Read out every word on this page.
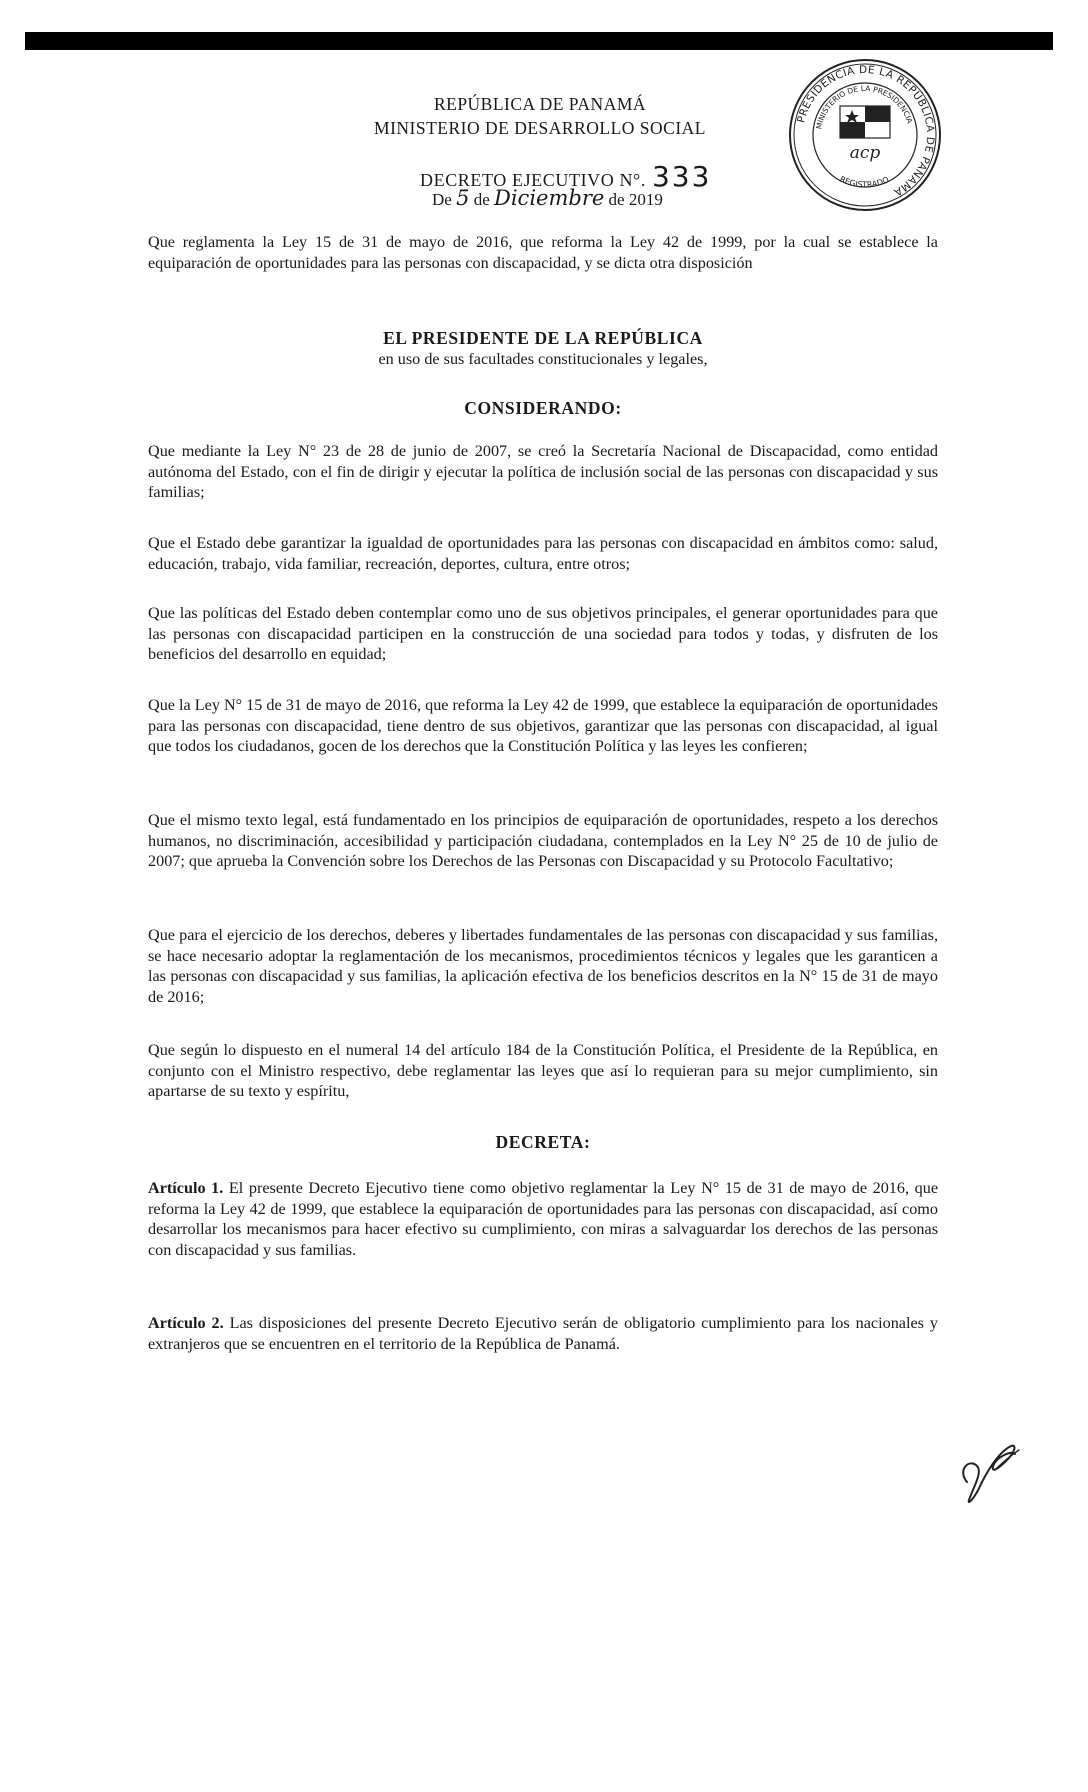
REPÚBLICA DE PANAMÁ
MINISTERIO DE DESARROLLO SOCIAL
DECRETO EJECUTIVO N°. 333
De 5 de Diciembre de 2019
PRESIDENCIA DE LA REPÚBLICA DE PANAMÁ
MINISTERIO DE LA PRESIDENCIA
acp
REGISTRADO
Que reglamenta la Ley 15 de 31 de mayo de 2016, que reforma la Ley 42 de 1999, por la cual se establece la equiparación de oportunidades para las personas con discapacidad, y se dicta otra disposición
EL PRESIDENTE DE LA REPÚBLICA
en uso de sus facultades constitucionales y legales,
CONSIDERANDO:
Que mediante la Ley N° 23 de 28 de junio de 2007, se creó la Secretaría Nacional de Discapacidad, como entidad autónoma del Estado, con el fin de dirigir y ejecutar la política de inclusión social de las personas con discapacidad y sus familias;
Que el Estado debe garantizar la igualdad de oportunidades para las personas con discapacidad en ámbitos como: salud, educación, trabajo, vida familiar, recreación, deportes, cultura, entre otros;
Que las políticas del Estado deben contemplar como uno de sus objetivos principales, el generar oportunidades para que las personas con discapacidad participen en la construcción de una sociedad para todos y todas, y disfruten de los beneficios del desarrollo en equidad;
Que la Ley N° 15 de 31 de mayo de 2016, que reforma la Ley 42 de 1999, que establece la equiparación de oportunidades para las personas con discapacidad, tiene dentro de sus objetivos, garantizar que las personas con discapacidad, al igual que todos los ciudadanos, gocen de los derechos que la Constitución Política y las leyes les confieren;
Que el mismo texto legal, está fundamentado en los principios de equiparación de oportunidades, respeto a los derechos humanos, no discriminación, accesibilidad y participación ciudadana, contemplados en la Ley N° 25 de 10 de julio de 2007; que aprueba la Convención sobre los Derechos de las Personas con Discapacidad y su Protocolo Facultativo;
Que para el ejercicio de los derechos, deberes y libertades fundamentales de las personas con discapacidad y sus familias, se hace necesario adoptar la reglamentación de los mecanismos, procedimientos técnicos y legales que les garanticen a las personas con discapacidad y sus familias, la aplicación efectiva de los beneficios descritos en la N° 15 de 31 de mayo de 2016;
Que según lo dispuesto en el numeral 14 del artículo 184 de la Constitución Política, el Presidente de la República, en conjunto con el Ministro respectivo, debe reglamentar las leyes que así lo requieran para su mejor cumplimiento, sin apartarse de su texto y espíritu,
DECRETA:
Artículo 1. El presente Decreto Ejecutivo tiene como objetivo reglamentar la Ley N° 15 de 31 de mayo de 2016, que reforma la Ley 42 de 1999, que establece la equiparación de oportunidades para las personas con discapacidad, así como desarrollar los mecanismos para hacer efectivo su cumplimiento, con miras a salvaguardar los derechos de las personas con discapacidad y sus familias.
Artículo 2. Las disposiciones del presente Decreto Ejecutivo serán de obligatorio cumplimiento para los nacionales y extranjeros que se encuentren en el territorio de la República de Panamá.
